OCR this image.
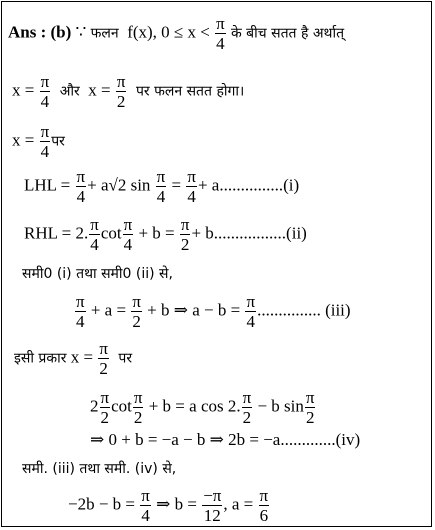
Ans : (b) ∵ फलन f(x), $0 \le x < \frac{\pi}{4}$ के बीच सतत है अर्थात्
$x = \frac{\pi}{4}$ और $x = \frac{\pi}{2}$ पर फलन सतत होगा।
$x = \frac{\pi}{4}$ पर
LHL = $\frac{\pi}{4} + a√2$ $\sin \frac{\pi}{4} = \frac{\pi}{4} + a...............(i)$
RHL = 2. $\frac{\pi}{4}$ $\cot \frac{\pi}{4} + b = \frac{\pi}{2} + b.................(ii)$
समी0 (i) तथा समी0 (ii) से,
$\frac{\pi}{4} + a = \frac{\pi}{2} + b$ ⇒ $a - b = \frac{\pi}{4}$ ............... (iii)
इसी प्रकार $x = \frac{\pi}{2}$ पर
$2 \frac{\pi}{2}$ $\cot \frac{\pi}{2} + b = a$ cos 2. $\frac{\pi}{2} - b$ $\sin \frac{\pi}{2}$
⇒ 0 + b = −a − b ⇒ 2b = −a.............(iv)
समी. (iii) तथा समी. (iv) से,
$-2b - b = \frac{\pi}{4}$ ⇒ $b = \frac{-\pi}{12}$ , $a = \frac{\pi}{6}$
